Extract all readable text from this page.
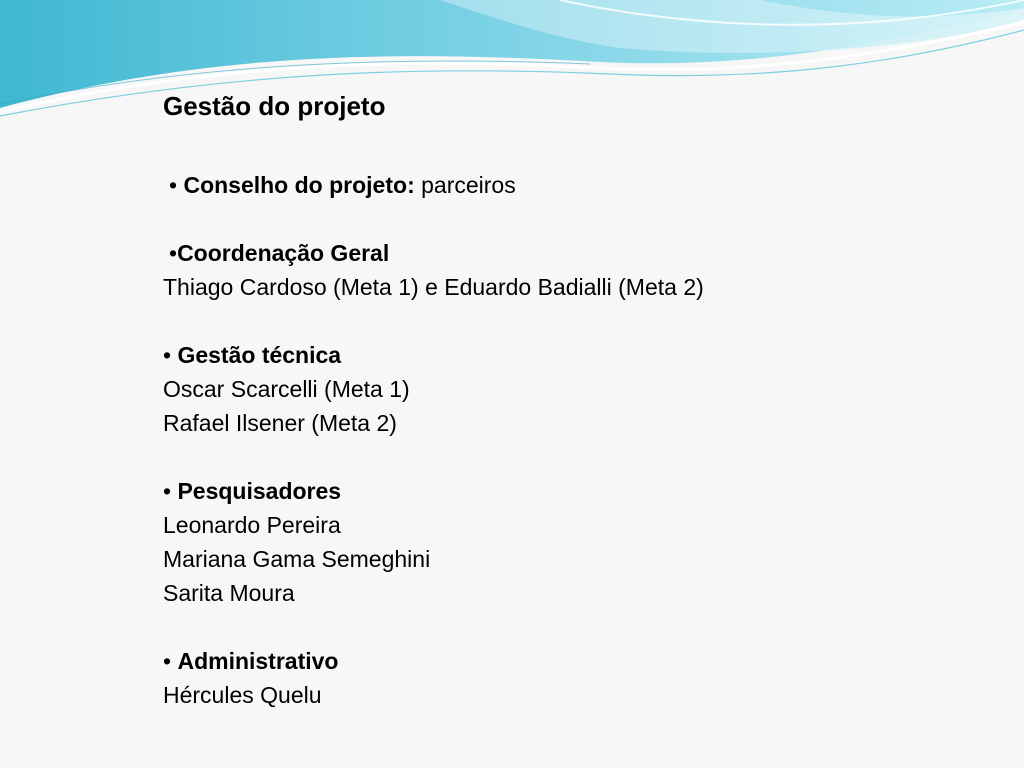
Gestão do projeto
• Conselho do projeto: parceiros
•Coordenação Geral
Thiago Cardoso (Meta 1) e Eduardo Badialli (Meta 2)
• Gestão técnica
Oscar Scarcelli (Meta 1)
Rafael Ilsener (Meta 2)
• Pesquisadores
Leonardo Pereira
Mariana Gama Semeghini
Sarita Moura
• Administrativo
Hércules Quelu
